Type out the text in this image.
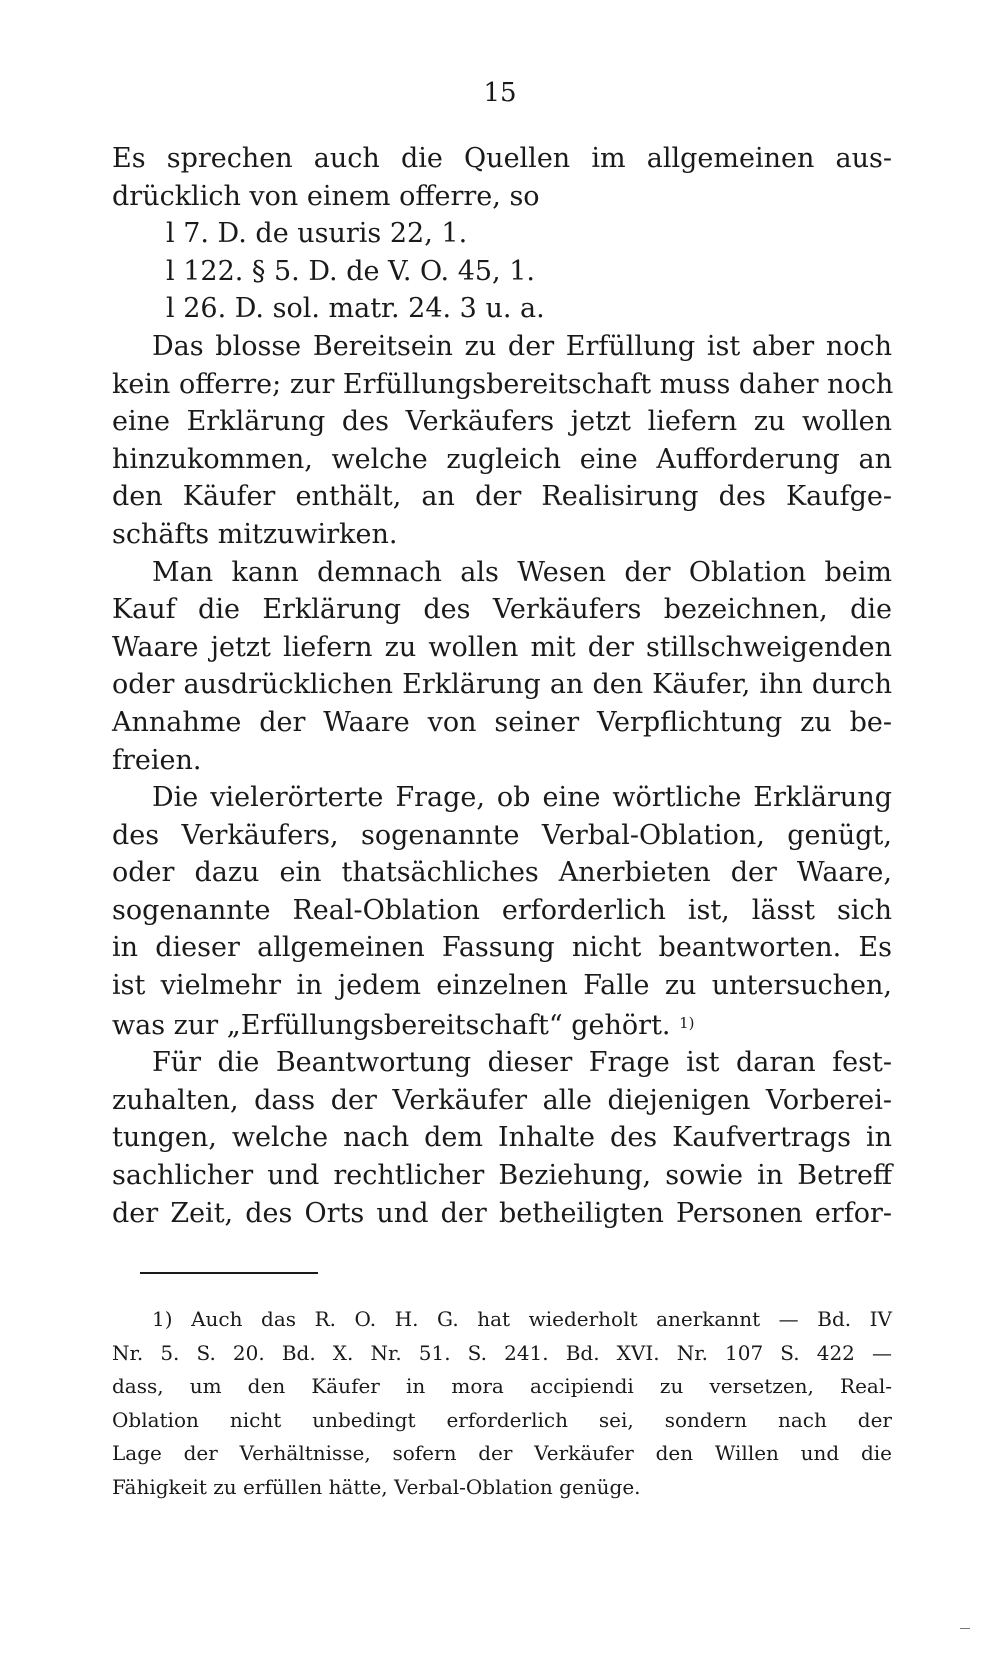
15
Es sprechen auch die Quellen im allgemeinen aus-
drücklich von einem offerre, so
l 7. D. de usuris 22, 1.
l 122. § 5. D. de V. O. 45, 1.
l 26. D. sol. matr. 24. 3 u. a.
Das blosse Bereitsein zu der Erfüllung ist aber noch
kein offerre; zur Erfüllungsbereitschaft muss daher noch
eine Erklärung des Verkäufers jetzt liefern zu wollen
hinzukommen, welche zugleich eine Aufforderung an
den Käufer enthält, an der Realisirung des Kaufge-
schäfts mitzuwirken.
Man kann demnach als Wesen der Oblation beim
Kauf die Erklärung des Verkäufers bezeichnen, die
Waare jetzt liefern zu wollen mit der stillschweigenden
oder ausdrücklichen Erklärung an den Käufer, ihn durch
Annahme der Waare von seiner Verpflichtung zu be-
freien.
Die vielerörterte Frage, ob eine wörtliche Erklärung
des Verkäufers, sogenannte Verbal-Oblation, genügt,
oder dazu ein thatsächliches Anerbieten der Waare,
sogenannte Real-Oblation erforderlich ist, lässt sich
in dieser allgemeinen Fassung nicht beantworten. Es
ist vielmehr in jedem einzelnen Falle zu untersuchen,
was zur „Erfüllungsbereitschaft“ gehört. $^{1)}$
Für die Beantwortung dieser Frage ist daran fest-
zuhalten, dass der Verkäufer alle diejenigen Vorberei-
tungen, welche nach dem Inhalte des Kaufvertrags in
sachlicher und rechtlicher Beziehung, sowie in Betreff
der Zeit, des Orts und der betheiligten Personen erfor-
1) Auch das R. O. H. G. hat wiederholt anerkannt — Bd. IV
Nr. 5. S. 20. Bd. X. Nr. 51. S. 241. Bd. XVI. Nr. 107 S. 422 —
dass, um den Käufer in mora accipiendi zu versetzen, Real-
Oblation nicht unbedingt erforderlich sei, sondern nach der
Lage der Verhältnisse, sofern der Verkäufer den Willen und die
Fähigkeit zu erfüllen hätte, Verbal-Oblation genüge.
